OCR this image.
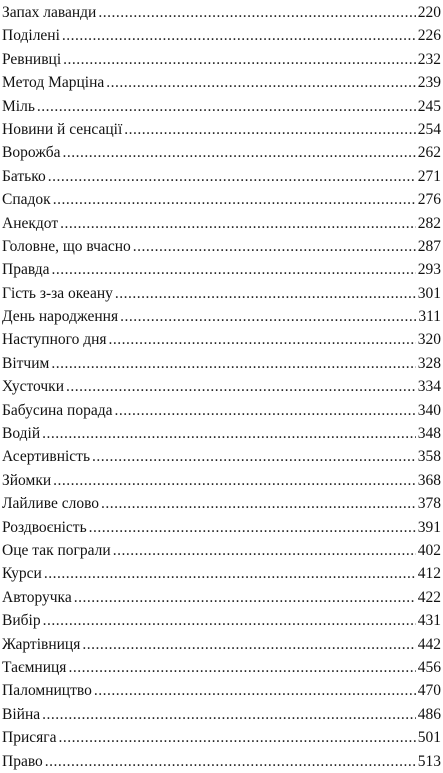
Запах лаванди .....	220
Поділені .....	226
Ревнивці .....	232
Метод Марціна .....	239
Міль .....	245
Новини й сенсації .....	254
Ворожба .....	262
Батько .....	271
Спадок .....	276
Анекдот .....	282
Головне, що вчасно .....	287
Правда .....	293
Гість з-за океану .....	301
День народження .....	311
Наступного дня .....	320
Вітчим .....	328
Хусточки .....	334
Бабусина порада .....	340
Водій .....	348
Асертивність .....	358
Зйомки .....	368
Лайливе слово .....	378
Роздвоєність .....	391
Оце так пограли .....	402
Курси .....	412
Авторучка .....	422
Вибір .....	431
Жартівниця .....	442
Таємниця .....	456
Паломництво .....	470
Війна .....	486
Присяга .....	501
Право .....	513
